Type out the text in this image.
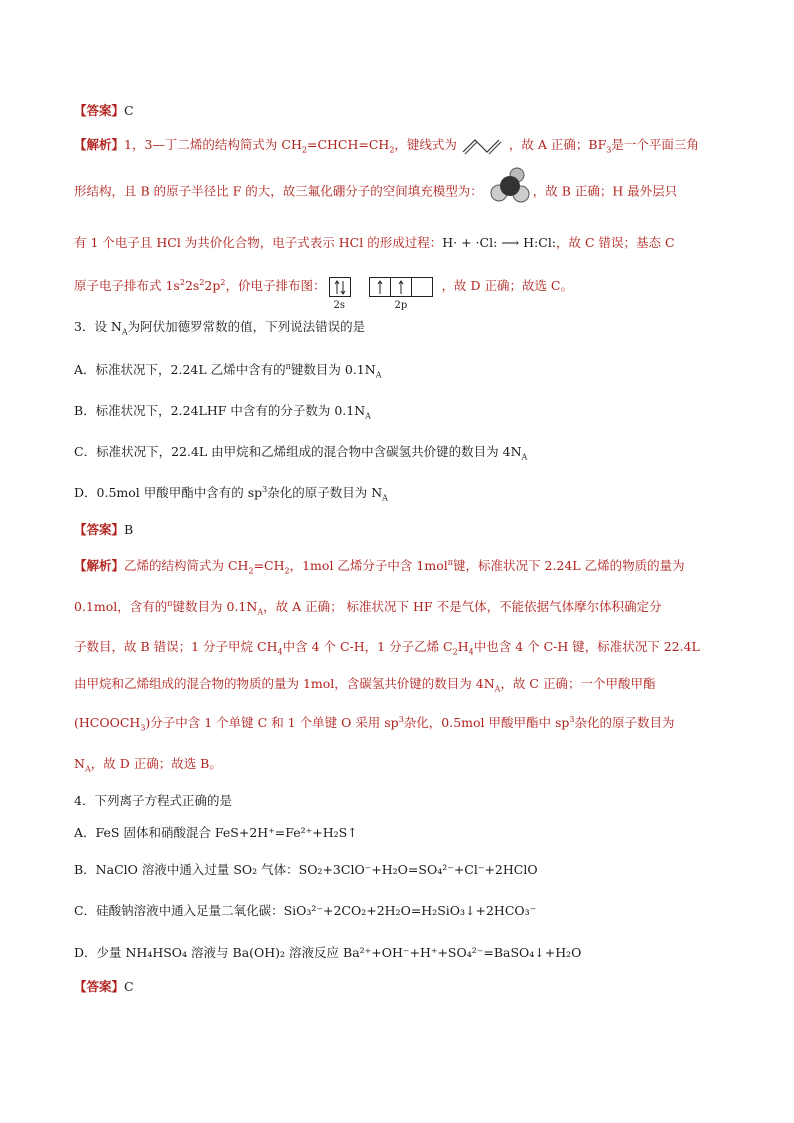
【答案】C
【解析】1，3—丁二烯的结构简式为 $CH_2=CHCH=CH_2$，键线式为	，故 A 正确；$BF_3$是一个平面三角
形结构，且 B 的原子半径比 F 的大，故三氟化硼分子的空间填充模型为：	，故 B 正确；H 最外层只
有 1 个电子且 HCl 为共价化合物，电子式表示 HCl 的形成过程：H· + ·Cl: ⟶ H:Cl:，故 C 错误；基态 C
原子电子排布式 $1s^22s^22p^2$，价电子排布图：
2s	2p
，故 D 正确；故选 C。
3．设 $N_A$为阿伏加德罗常数的值，下列说法错误的是
A．标准状况下，2.24L 乙烯中含有的$^\pi$键数目为 $0.1N_A$
B．标准状况下，2.24LHF 中含有的分子数为 $0.1N_A$
C．标准状况下，22.4L 由甲烷和乙烯组成的混合物中含碳氢共价键的数目为 $4N_A$
D．0.5mol 甲酸甲酯中含有的 $sp^3$杂化的原子数目为 $N_A$
【答案】B
【解析】乙烯的结构简式为 $CH_2=CH_2$，1mol 乙烯分子中含 1mol$^\pi$键，标准状况下 2.24L 乙烯的物质的量为
0.1mol，含有的$^\pi$键数目为 $0.1N_A$，故 A 正确； 标准状况下 HF 不是气体，不能依据气体摩尔体积确定分
子数目，故 B 错误；1 分子甲烷 $CH_4$中含 4 个 C-H，1 分子乙烯 $C_2H_4$中也含 4 个 C-H 键，标准状况下 22.4L
由甲烷和乙烯组成的混合物的物质的量为 1mol，含碳氢共价键的数目为 $4N_A$，故 C 正确；一个甲酸甲酯
$(HCOOCH_3)$分子中含 1 个单键 C 和 1 个单键 O 采用 $sp^3$杂化，0.5mol 甲酸甲酯中 $sp^3$杂化的原子数目为
$N_A$，故 D 正确；故选 B。
4．下列离子方程式正确的是
A．FeS 固体和硝酸混合 FeS+2H⁺=Fe²⁺+H₂S↑
B．NaClO 溶液中通入过量 SO₂ 气体：SO₂+3ClO⁻+H₂O=SO₄²⁻+Cl⁻+2HClO
C．硅酸钠溶液中通入足量二氧化碳：SiO₃²⁻+2CO₂+2H₂O=H₂SiO₃↓+2HCO₃⁻
D．少量 NH₄HSO₄ 溶液与 Ba(OH)₂ 溶液反应 Ba²⁺+OH⁻+H⁺+SO₄²⁻=BaSO₄↓+H₂O
【答案】C
